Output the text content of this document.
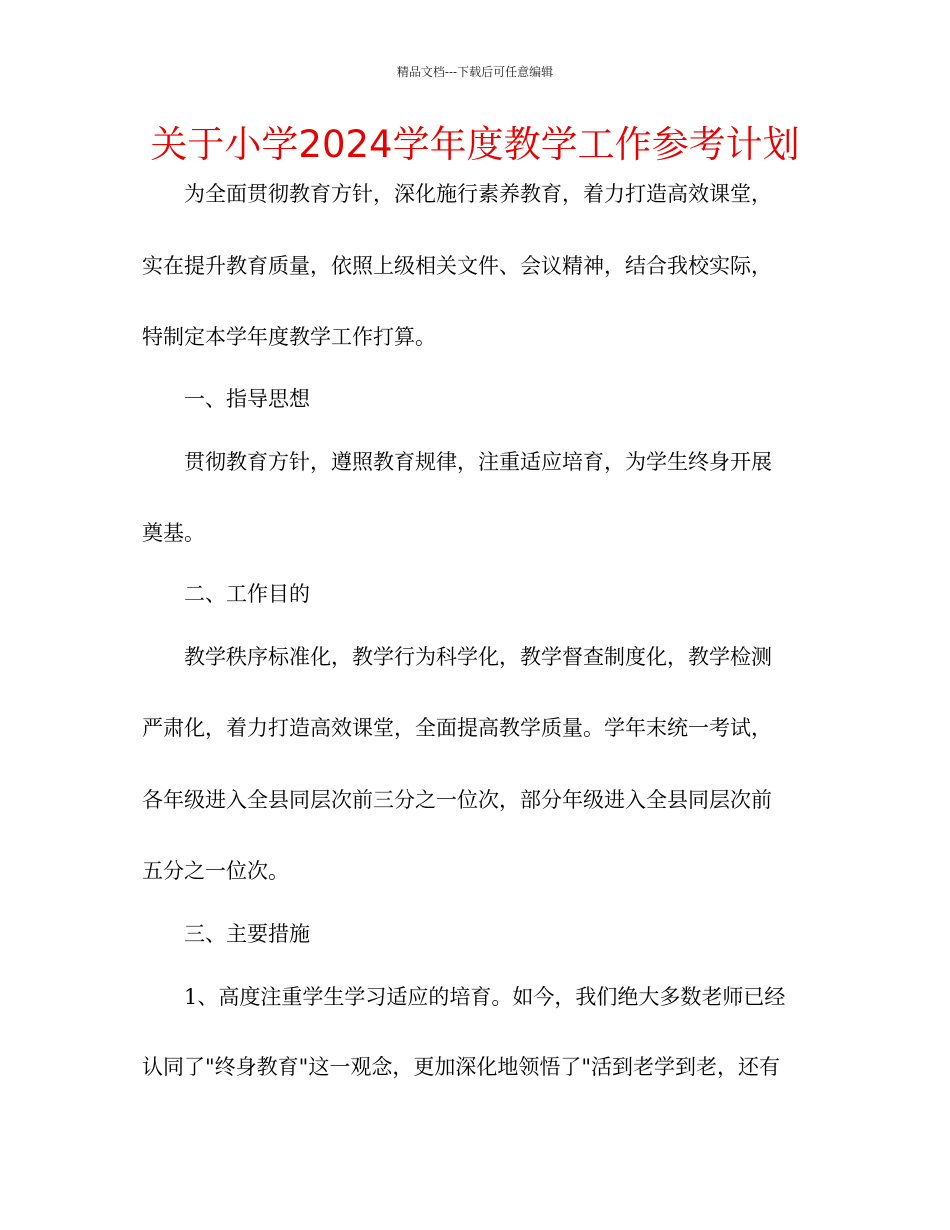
精品文档---下载后可任意编辑
关于小学2024学年度教学工作参考计划
为全面贯彻教育方针，深化施行素养教育，着力打造高效课堂，
实在提升教育质量，依照上级相关文件、会议精神，结合我校实际，
特制定本学年度教学工作打算。
一、指导思想
贯彻教育方针，遵照教育规律，注重适应培育，为学生终身开展
奠基。
二、工作目的
教学秩序标准化，教学行为科学化，教学督查制度化，教学检测
严肃化，着力打造高效课堂，全面提高教学质量。学年末统一考试，
各年级进入全县同层次前三分之一位次，部分年级进入全县同层次前
五分之一位次。
三、主要措施
1、高度注重学生学习适应的培育。如今，我们绝大多数老师已经
认同了"终身教育"这一观念，更加深化地领悟了"活到老学到老，还有
